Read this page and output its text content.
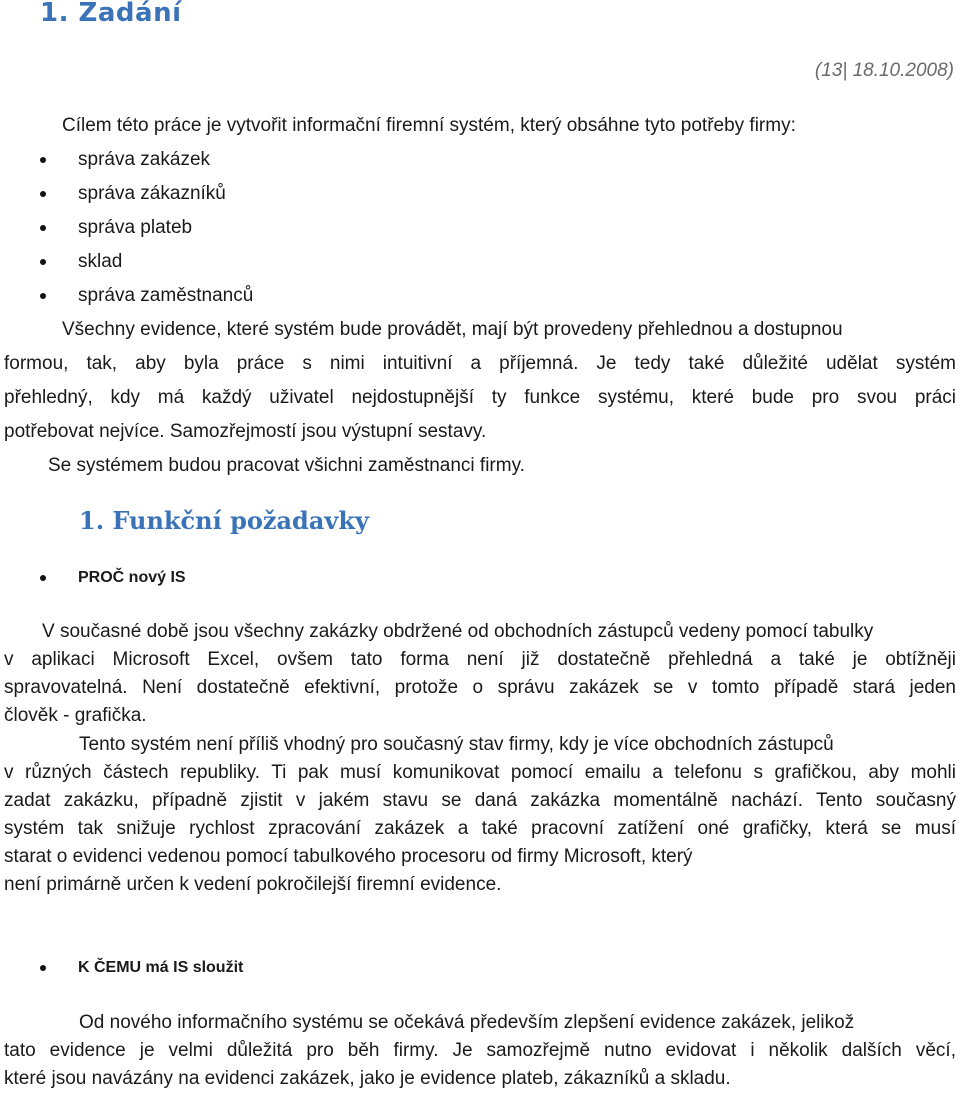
1. Zadání
(13| 18.10.2008)
Cílem této práce je vytvořit informační firemní systém, který obsáhne tyto potřeby firmy:
správa zakázek
správa zákazníků
správa plateb
sklad
správa zaměstnanců
Všechny evidence, které systém bude provádět, mají být provedeny přehlednou a dostupnou
formou, tak, aby byla práce s nimi intuitivní a příjemná. Je tedy také důležité udělat systém
přehledný, kdy má každý uživatel nejdostupnější ty funkce systému, které bude pro svou práci
potřebovat nejvíce. Samozřejmostí jsou výstupní sestavy.
Se systémem budou pracovat všichni zaměstnanci firmy.
1. Funkční požadavky
PROČ nový IS
V současné době jsou všechny zakázky obdržené od obchodních zástupců vedeny pomocí tabulky
v aplikaci Microsoft Excel, ovšem tato forma není již dostatečně přehledná a také je obtížněji
spravovatelná. Není dostatečně efektivní, protože o správu zakázek se v tomto případě stará jeden
člověk - grafička.
Tento systém není příliš vhodný pro současný stav firmy, kdy je více obchodních zástupců
v různých částech republiky. Ti pak musí komunikovat pomocí emailu a telefonu s grafičkou, aby mohli
zadat zakázku, případně zjistit v jakém stavu se daná zakázka momentálně nachází. Tento současný
systém tak snižuje rychlost zpracování zakázek a také pracovní zatížení oné grafičky, která se musí
starat o evidenci vedenou pomocí tabulkového procesoru od firmy Microsoft, který
není primárně určen k vedení pokročilejší firemní evidence.
K ČEMU má IS sloužit
Od nového informačního systému se očekává především zlepšení evidence zakázek, jelikož
tato evidence je velmi důležitá pro běh firmy. Je samozřejmě nutno evidovat i několik dalších věcí,
které jsou navázány na evidenci zakázek, jako je evidence plateb, zákazníků a skladu.
